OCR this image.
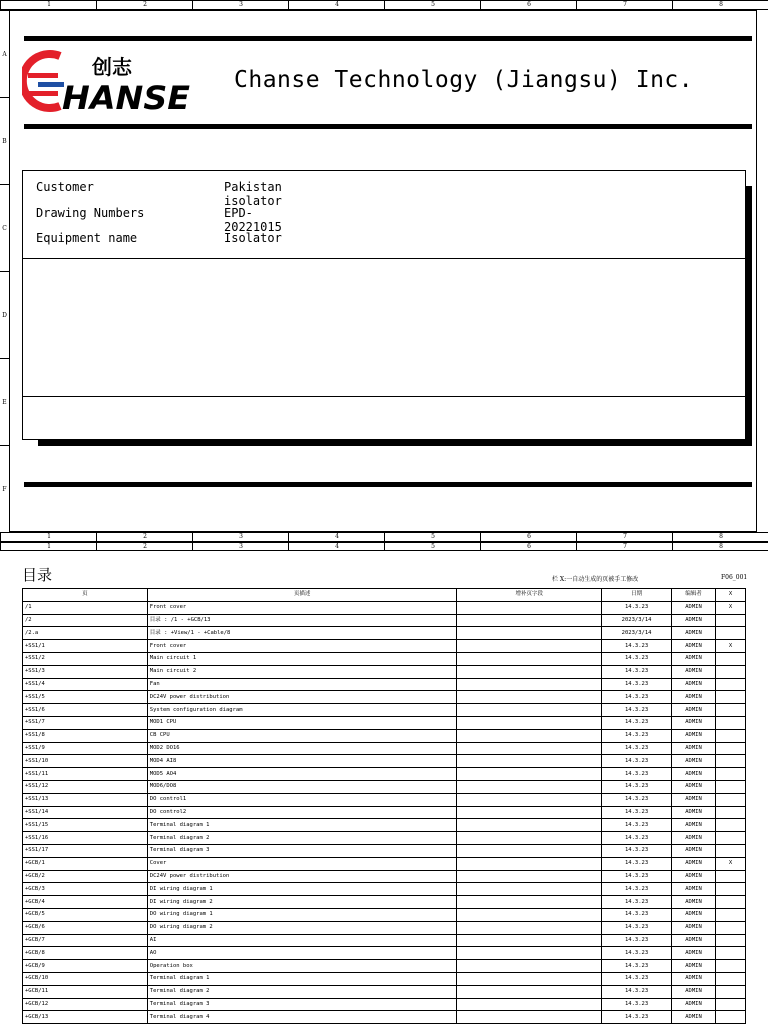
1	2	3	4	5	6	7	8
1	2	3	4	5	6	7	8
创志
HANSE Chanse Technology (Jiangsu) Inc.
Customer	Pakistan isolator
Drawing Numbers	EPD-20221015
Equipment name	Isolator
A
B
C
D
E
F
1	2	3	4	5	6	7	8
目录	栏 X:一自动生成的页被手工修改	F06_001
页	页描述	增补页字段	日期	编辑者	X
/1	Front cover		14.3.23	ADMIN	X
/2	目录 : /1 - +GCB/13		2023/3/14	ADMIN	
/2.a	目录 : +View/1 - +Cable/8		2023/3/14	ADMIN	
+SS1/1	Front cover		14.3.23	ADMIN	X
+SS1/2	Main circuit 1		14.3.23	ADMIN	
+SS1/3	Main circuit 2		14.3.23	ADMIN	
+SS1/4	Fan		14.3.23	ADMIN	
+SS1/5	DC24V power distribution		14.3.23	ADMIN	
+SS1/6	System configuration diagram		14.3.23	ADMIN	
+SS1/7	MOD1 CPU		14.3.23	ADMIN	
+SS1/8	CB CPU		14.3.23	ADMIN	
+SS1/9	MOD2 DO16		14.3.23	ADMIN	
+SS1/10	MOD4 AI8		14.3.23	ADMIN	
+SS1/11	MOD5 AO4		14.3.23	ADMIN	
+SS1/12	MOD6/DO8		14.3.23	ADMIN	
+SS1/13	DO control1		14.3.23	ADMIN	
+SS1/14	DO control2		14.3.23	ADMIN	
+SS1/15	Terminal diagram 1		14.3.23	ADMIN	
+SS1/16	Terminal diagram 2		14.3.23	ADMIN	
+SS1/17	Terminal diagram 3		14.3.23	ADMIN	
+GCB/1	Cover		14.3.23	ADMIN	X
+GCB/2	DC24V power distribution		14.3.23	ADMIN	
+GCB/3	DI wiring diagram 1		14.3.23	ADMIN	
+GCB/4	DI wiring diagram 2		14.3.23	ADMIN	
+GCB/5	DO wiring diagram 1		14.3.23	ADMIN	
+GCB/6	DO wiring diagram 2		14.3.23	ADMIN	
+GCB/7	AI		14.3.23	ADMIN	
+GCB/8	AO		14.3.23	ADMIN	
+GCB/9	Operation box		14.3.23	ADMIN	
+GCB/10	Terminal diagram 1		14.3.23	ADMIN	
+GCB/11	Terminal diagram 2		14.3.23	ADMIN	
+GCB/12	Terminal diagram 3		14.3.23	ADMIN	
+GCB/13	Terminal diagram 4		14.3.23	ADMIN	
